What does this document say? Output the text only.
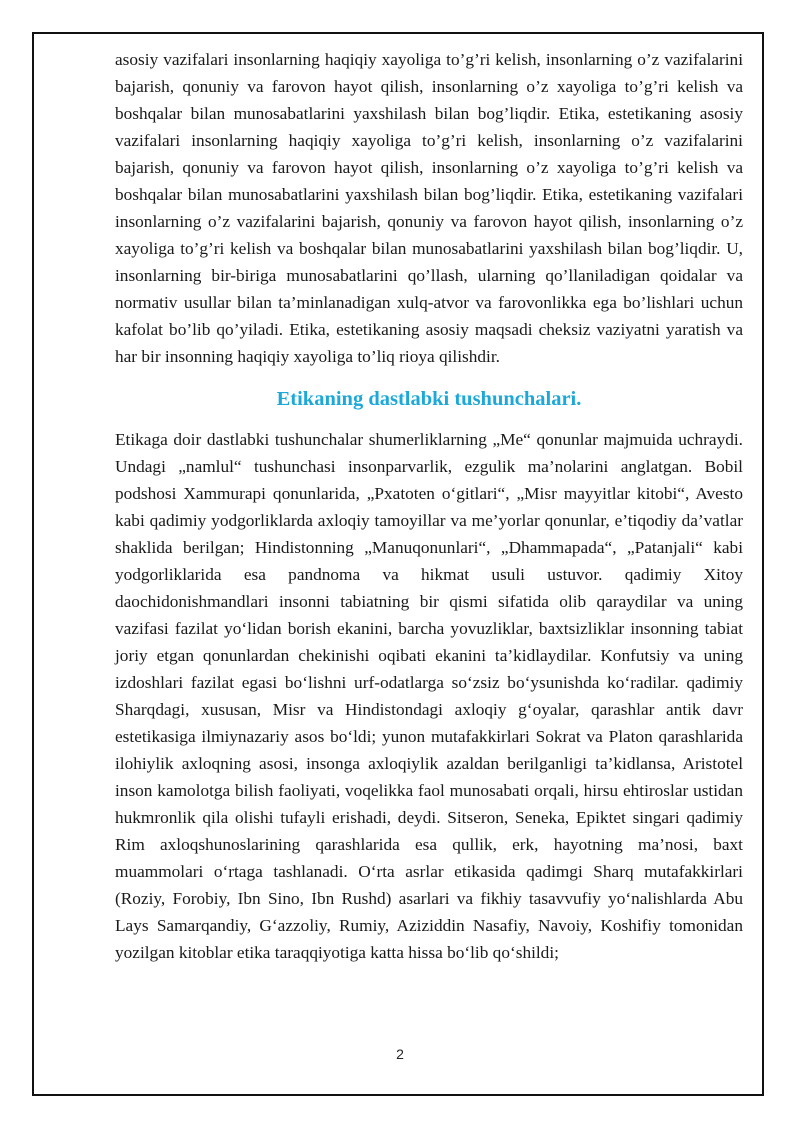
asosiy vazifalari insonlarning haqiqiy xayoliga to’g’ri kelish, insonlarning o’z vazifalarini bajarish, qonuniy va farovon hayot qilish, insonlarning o’z xayoliga to’g’ri kelish va boshqalar bilan munosabatlarini yaxshilash bilan bog’liqdir. Etika, estetikaning asosiy vazifalari insonlarning haqiqiy xayoliga to’g’ri kelish, insonlarning o’z vazifalarini bajarish, qonuniy va farovon hayot qilish, insonlarning o’z xayoliga to’g’ri kelish va boshqalar bilan munosabatlarini yaxshilash bilan bog’liqdir. Etika, estetikaning vazifalari insonlarning o’z vazifalarini bajarish, qonuniy va farovon hayot qilish, insonlarning o’z xayoliga to’g’ri kelish va boshqalar bilan munosabatlarini yaxshilash bilan bog’liqdir. U, insonlarning bir-biriga munosabatlarini qo’llash, ularning qo’llaniladigan qoidalar va normativ usullar bilan ta’minlanadigan xulq-atvor va farovonlikka ega bo’lishlari uchun kafolat bo’lib qo’yiladi. Etika, estetikaning asosiy maqsadi cheksiz vaziyatni yaratish va har bir insonning haqiqiy xayoliga to’liq rioya qilishdir.

Etikaning dastlabki tushunchalari.

Etikaga doir dastlabki tushunchalar shumerliklarning „Me“ qonunlar majmuida uchraydi. Undagi „namlul“ tushunchasi insonparvarlik, ezgulik ma’nolarini anglatgan. Bobil podshosi Xammurapi qonunlarida, „Pxatoten o‘gitlari“, „Misr mayyitlar kitobi“, Avesto kabi qadimiy yodgorliklarda axloqiy tamoyillar va me’yorlar qonunlar, e’tiqodiy da’vatlar shaklida berilgan; Hindistonning „Manuqonunlari“, „Dhammapada“, „Patanjali“ kabi yodgorliklarida esa pandnoma va hikmat usuli ustuvor. qadimiy Xitoy daochidonishmandlari insonni tabiatning bir qismi sifatida olib qaraydilar va uning vazifasi fazilat yo‘lidan borish ekanini, barcha yovuzliklar, baxtsizliklar insonning tabiat joriy etgan qonunlardan chekinishi oqibati ekanini ta’kidlaydilar. Konfutsiy va uning izdoshlari fazilat egasi bo‘lishni urf-odatlarga so‘zsiz bo‘ysunishda ko‘radilar. qadimiy Sharqdagi, xususan, Misr va Hindistondagi axloqiy g‘oyalar, qarashlar antik davr estetikasiga ilmiynazariy asos bo‘ldi; yunon mutafakkirlari Sokrat va Platon qarashlarida ilohiylik axloqning asosi, insonga axloqiylik azaldan berilganligi ta’kidlansa, Aristotel inson kamolotga bilish faoliyati, voqelikka faol munosabati orqali, hirsu ehtiroslar ustidan hukmronlik qila olishi tufayli erishadi, deydi. Sitseron, Seneka, Epiktet singari qadimiy Rim axloqshunoslarining qarashlarida esa qullik, erk, hayotning ma’nosi, baxt muammolari o‘rtaga tashlanadi. O‘rta asrlar etikasida qadimgi Sharq mutafakkirlari (Roziy, Forobiy, Ibn Sino, Ibn Rushd) asarlari va fikhiy tasavvufiy yo‘nalishlarda Abu Lays Samarqandiy, G‘azzoliy, Rumiy, Aziziddin Nasafiy, Navoiy, Koshifiy tomonidan yozilgan kitoblar etika taraqqiyotiga katta hissa bo‘lib qo‘shildi;

2
